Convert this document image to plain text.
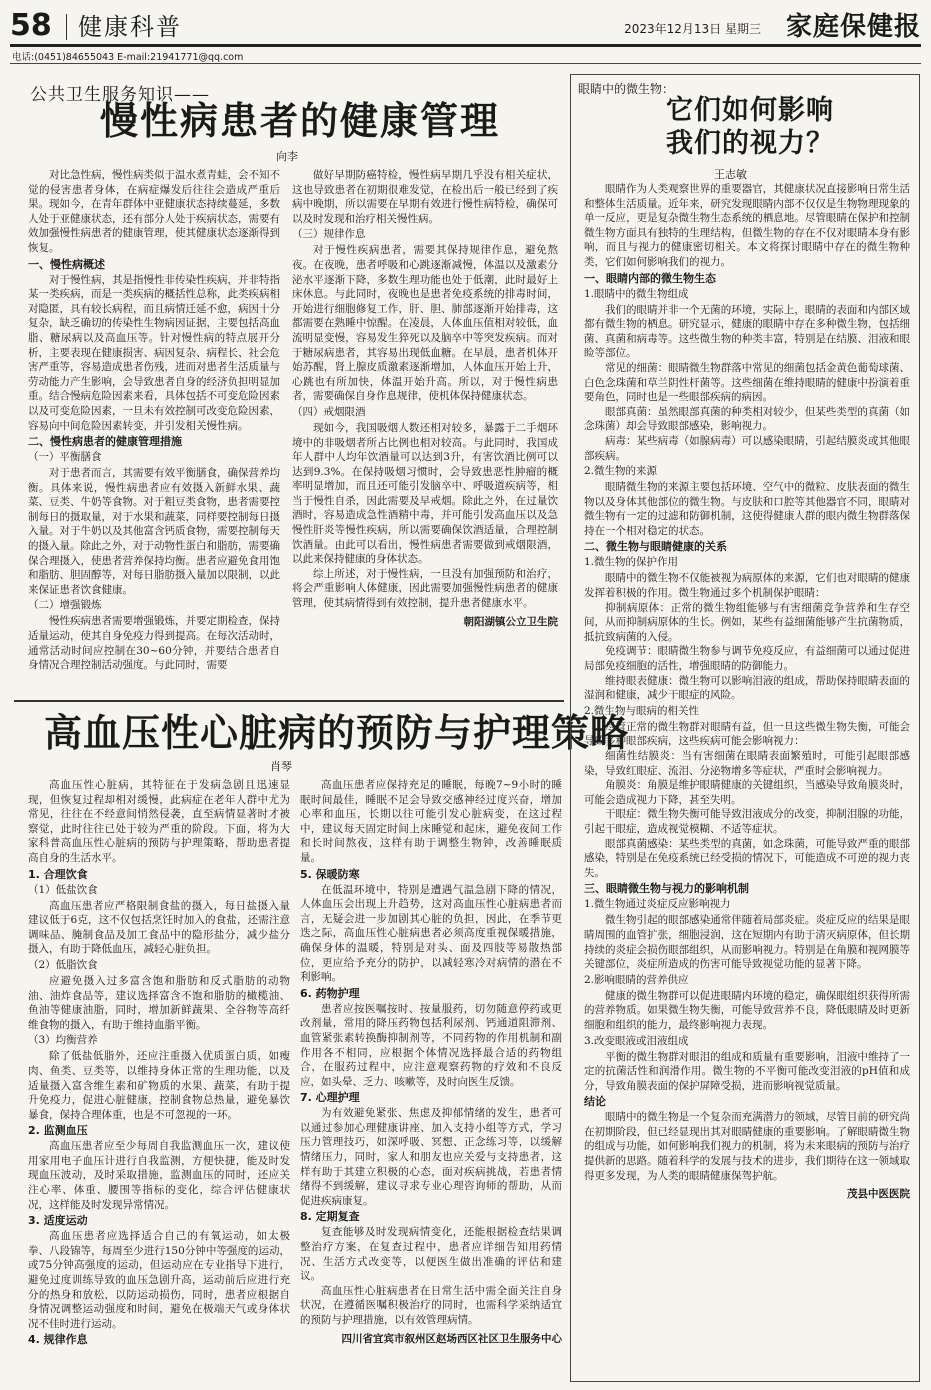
58 健康科普	2023年12月13日 星期三 家庭保健报
电话:(0451)84655043 E-mail:21941771@qq.com
公共卫生服务知识——
慢性病患者的健康管理
向李

对比急性病，慢性病类似于温水煮青蛙，会不知不觉的侵害患者身体，在病症爆发后往往会造成严重后果。现如今，在青年群体中亚健康状态持续蔓延，多数人处于亚健康状态，还有部分人处于疾病状态，需要有效加强慢性病患者的健康管理，使其健康状态逐渐得到恢复。

一、慢性病概述

对于慢性病，其是指慢性非传染性疾病，并非特指某一类疾病，而是一类疾病的概括性总称，此类疾病相对隐匿，具有较长病程，而且病情迁延不愈，病因十分复杂，缺乏确切的传染性生物病因证据，主要包括高血脂、糖尿病以及高血压等。针对慢性病的特点展开分析，主要表现在健康损害、病因复杂、病程长、社会危害严重等，容易造成患者伤残，进而对患者生活质量与劳动能力产生影响，会导致患者自身的经济负担明显加重。结合慢病危险因素来看，具体包括不可变危险因素以及可变危险因素，一旦未有效控制可改变危险因素，容易向中间危险因素转变，并引发相关慢性病。

二、慢性病患者的健康管理措施
（一）平衡膳食

对于患者而言，其需要有效平衡膳食，确保营养均衡。具体来说，慢性病患者应有效摄入新鲜水果、蔬菜、豆类、牛奶等食物。对于粗豆类食物，患者需要控制每日的摄取量，对于水果和蔬菜，同样要控制每日摄入量。对于牛奶以及其他富含钙质食物，需要控制每天的摄入量。除此之外，对于动物性蛋白和脂肪，需要确保合理摄入，使患者营养保持均衡。患者应避免食用饱和脂肪、胆固醇等，对每日脂肪摄入量加以限制，以此来保证患者饮食健康。

（二）增强锻炼

慢性疾病患者需要增强锻炼，并要定期检查，保持适量运动，使其自身免疫力得到提高。在每次活动时，通常活动时间应控制在30~60分钟，并要结合患者自身情况合理控制活动强度。与此同时，需要

做好早期防癌特检，慢性病早期几乎没有相关症状，这也导致患者在初期很难发觉，在检出后一般已经到了疾病中晚期，所以需要在早期有效进行慢性病特检，确保可以及时发现和治疗相关慢性病。

（三）规律作息

对于慢性疾病患者，需要其保持规律作息，避免熬夜。在夜晚，患者呼吸和心跳逐渐减慢，体温以及激素分泌水平逐渐下降，多数生理功能也处于低潮，此时最好上床休息。与此同时，夜晚也是患者免疫系统的排毒时间，开始进行细胞修复工作，肝、胆、肺部逐渐开始排毒，这都需要在熟睡中惊醒。在凌晨，人体血压值相对较低，血流明显变慢，容易发生猝死以及脑卒中等突发疾病。而对于糖尿病患者，其容易出现低血糖。在早晨，患者机体开始苏醒，肾上腺皮质激素逐渐增加，人体血压开始上升，心跳也有所加快，体温开始升高。所以，对于慢性病患者，需要确保自身作息规律，使机体保持健康状态。

（四）戒烟限酒

现如今，我国吸烟人数还相对较多，暴露于二手烟环境中的非吸烟者所占比例也相对较高。与此同时，我国成年人群中人均年饮酒量可以达到3升，有害饮酒比例可以达到9.3%。在保持吸烟习惯时，会导致患恶性肿瘤的概率明显增加，而且还可能引发脑卒中、呼吸道疾病等，相当于慢性自杀，因此需要及早戒烟。除此之外，在过量饮酒时，容易造成急性酒精中毒，并可能引发高血压以及急慢性肝炎等慢性疾病，所以需要确保饮酒适量，合理控制饮酒量。由此可以看出，慢性病患者需要做到戒烟限酒，以此来保持健康的身体状态。

综上所述，对于慢性病，一旦没有加强预防和治疗，将会严重影响人体健康，因此需要加强慢性病患者的健康管理，使其病情得到有效控制，提升患者健康水平。

朝阳湖镇公立卫生院

高血压性心脏病的预防与护理策略
肖琴

高血压性心脏病，其特征在于发病急剧且迅速显现，但恢复过程却相对缓慢，此病症在老年人群中尤为常见，往往在不经意间悄然侵袭，直至病情显著时才被察觉，此时往往已处于较为严重的阶段。下面，将为大家科普高血压性心脏病的预防与护理策略，帮助患者提高自身的生活水平。

1. 合理饮食
（1）低盐饮食

高血压患者应严格限制食盐的摄入，每日盐摄入量建议低于6克，这不仅包括烹饪时加入的食盐，还需注意调味品、腌制食品及加工食品中的隐形盐分，减少盐分摄入，有助于降低血压，减轻心脏负担。

（2）低脂饮食

应避免摄入过多富含饱和脂肪和反式脂肪的动物油、油炸食品等，建议选择富含不饱和脂肪的橄榄油、鱼油等健康油脂，同时，增加新鲜蔬果、全谷物等高纤维食物的摄入，有助于维持血脂平衡。

（3）均衡营养

除了低盐低脂外，还应注重摄入优质蛋白质，如瘦肉、鱼类、豆类等，以维持身体正常的生理功能，以及适量摄入富含维生素和矿物质的水果、蔬菜，有助于提升免疫力，促进心脏健康，控制食物总热量，避免暴饮暴食，保持合理体重，也是不可忽视的一环。

2. 监测血压

高血压患者应至少每周自我监测血压一次，建议使用家用电子血压计进行自我监测，方便快捷，能及时发现血压波动，及时采取措施，监测血压的同时，还应关注心率、体重、腰围等指标的变化，综合评估健康状况，这样能及时发现异常情况。

3. 适度运动

高血压患者应选择适合自己的有氧运动，如太极拳、八段锦等，每周至少进行150分钟中等强度的运动，或75分钟高强度的运动，但运动应在专业指导下进行，避免过度训练导致的血压急剧升高，运动前后应进行充分的热身和放松，以防运动损伤，同时，患者应根据自身情况调整运动强度和时间，避免在极端天气或身体状况不佳时进行运动。

4. 规律作息

高血压患者应保持充足的睡眠，每晚7~9小时的睡眠时间最佳，睡眠不足会导致交感神经过度兴奋，增加心率和血压，长期以往可能引发心脏病变，在这过程中，建议每天固定时间上床睡觉和起床，避免夜间工作和长时间熬夜，这样有助于调整生物钟，改善睡眠质量。

5. 保暖防寒

在低温环境中，特别是遭遇气温急剧下降的情况，人体血压会出现上升趋势，这对高血压性心脏病患者而言，无疑会进一步加剧其心脏的负担，因此，在季节更迭之际，高血压性心脏病患者必须高度重视保暖措施，确保身体的温暖，特别是对头、面及四肢等易散热部位，更应给予充分的防护，以减轻寒冷对病情的潜在不利影响。

6. 药物护理

患者应按医嘱按时、按量服药，切勿随意停药或更改剂量，常用的降压药物包括利尿剂、钙通道阻滞剂、血管紧张素转换酶抑制剂等，不同药物的作用机制和副作用各不相同，应根据个体情况选择最合适的药物组合，在服药过程中，应注意观察药物的疗效和不良反应，如头晕、乏力、咳嗽等，及时向医生反馈。

7. 心理护理

为有效避免紧张、焦虑及抑郁情绪的发生，患者可以通过参加心理健康讲座、加入支持小组等方式，学习压力管理技巧，如深呼吸、冥想、正念练习等，以缓解情绪压力，同时，家人和朋友也应关爱与支持患者，这样有助于其建立积极的心态，面对疾病挑战，若患者情绪得不到缓解，建议寻求专业心理咨询师的帮助，从而促进疾病康复。

8. 定期复查

复查能够及时发现病情变化，还能根据检查结果调整治疗方案，在复查过程中，患者应详细告知用药情况、生活方式改变等，以便医生做出准确的评估和建议。

高血压性心脏病患者在日常生活中需全面关注自身状况，在遵循医嘱积极治疗的同时，也需科学采纳适宜的预防与护理措施，以有效管理病情。

四川省宜宾市叙州区赵场西区社区卫生服务中心

眼睛中的微生物：
它们如何影响
我们的视力？
王志敏

眼睛作为人类观察世界的重要器官，其健康状况直接影响日常生活和整体生活质量。近年来，研究发现眼睛内部不仅仅是生物物理现象的单一反应，更是复杂微生物生态系统的栖息地。尽管眼睛在保护和控制微生物方面具有独特的生理结构，但微生物的存在不仅对眼睛本身有影响，而且与视力的健康密切相关。本文将探讨眼睛中存在的微生物种类，它们如何影响我们的视力。

一、眼睛内部的微生物生态
1.眼睛中的微生物组成

我们的眼睛并非一个无菌的环境，实际上，眼睛的表面和内部区域都有微生物的栖息。研究显示，健康的眼睛中存在多种微生物，包括细菌、真菌和病毒等。这些微生物的种类丰富，特别是在结膜、泪液和眼睑等部位。

常见的细菌：眼睛微生物群落中常见的细菌包括金黄色葡萄球菌、白色念珠菌和草兰阴性杆菌等。这些细菌在维持眼睛的健康中扮演着重要角色，同时也是一些眼部疾病的病因。

眼部真菌：虽然眼部真菌的种类相对较少，但某些类型的真菌（如念珠菌）却会导致眼部感染，影响视力。

病毒：某些病毒（如腺病毒）可以感染眼睛，引起结膜炎或其他眼部疾病。

2.微生物的来源

眼睛微生物的来源主要包括环境、空气中的微粒、皮肤表面的微生物以及身体其他部位的微生物。与皮肤和口腔等其他器官不同，眼睛对微生物有一定的过滤和防御机制，这使得健康人群的眼内微生物群落保持在一个相对稳定的状态。

二、微生物与眼睛健康的关系
1.微生物的保护作用

眼睛中的微生物不仅能被视为病原体的来源，它们也对眼睛的健康发挥着积极的作用。微生物通过多个机制保护眼睛：

抑制病原体：正常的微生物组能够与有害细菌竞争营养和生存空间，从而抑制病原体的生长。例如，某些有益细菌能够产生抗菌物质，抵抗致病菌的入侵。

免疫调节：眼睛微生物参与调节免疫反应，有益细菌可以通过促进局部免疫细胞的活性，增强眼睛的防御能力。

维持眼表健康：微生物可以影响泪液的组成，帮助保持眼睛表面的湿润和健康，减少干眼症的风险。

2.微生物与眼病的相关性

尽管正常的微生物群对眼睛有益，但一旦这些微生物失衡，可能会导致多种眼部疾病，这些疾病可能会影响视力：

细菌性结膜炎：当有害细菌在眼睛表面繁殖时，可能引起眼部感染，导致红眼症、流泪、分泌物增多等症状，严重时会影响视力。

角膜炎：角膜是维护眼睛健康的关键组织，当感染导致角膜炎时，可能会造成视力下降，甚至失明。

干眼症：微生物失衡可能导致泪液成分的改变，抑制泪腺的功能，引起干眼症，造成视觉模糊、不适等症状。

眼部真菌感染：某些类型的真菌，如念珠菌，可能导致严重的眼部感染，特别是在免疫系统已经受损的情况下，可能造成不可逆的视力丧失。

三、眼睛微生物与视力的影响机制
1.微生物通过炎症反应影响视力

微生物引起的眼部感染通常伴随着局部炎症。炎症反应的结果是眼睛周围的血管扩张，细胞浸润，这在短期内有助于清灭病原体，但长期持续的炎症会损伤眼部组织，从而影响视力。特别是在角膜和视网膜等关键部位，炎症所造成的伤害可能导致视觉功能的显著下降。

2.影响眼睛的营养供应

健康的微生物群可以促进眼睛内环境的稳定，确保眼组织获得所需的营养物质。如果微生物失衡，可能导致营养不良，降低眼睛及时更新细胞和组织的能力，最终影响视力表现。

3.改变眼液或泪液组成

平衡的微生物群对眼泪的组成和质量有重要影响，泪液中维持了一定的抗菌活性和润滑作用。微生物的不平衡可能改变泪液的pH值和成分，导致角膜表面的保护屏障受损，进而影响视觉质量。

结论

眼睛中的微生物是一个复杂而充满潜力的领域，尽管目前的研究尚在初期阶段，但已经显现出其对眼睛健康的重要影响。了解眼睛微生物的组成与功能，如何影响我们视力的机制，将为未来眼病的预防与治疗提供新的思路。随着科学的发展与技术的进步，我们期待在这一领域取得更多发现，为人类的眼睛健康保驾护航。

茂县中医医院
